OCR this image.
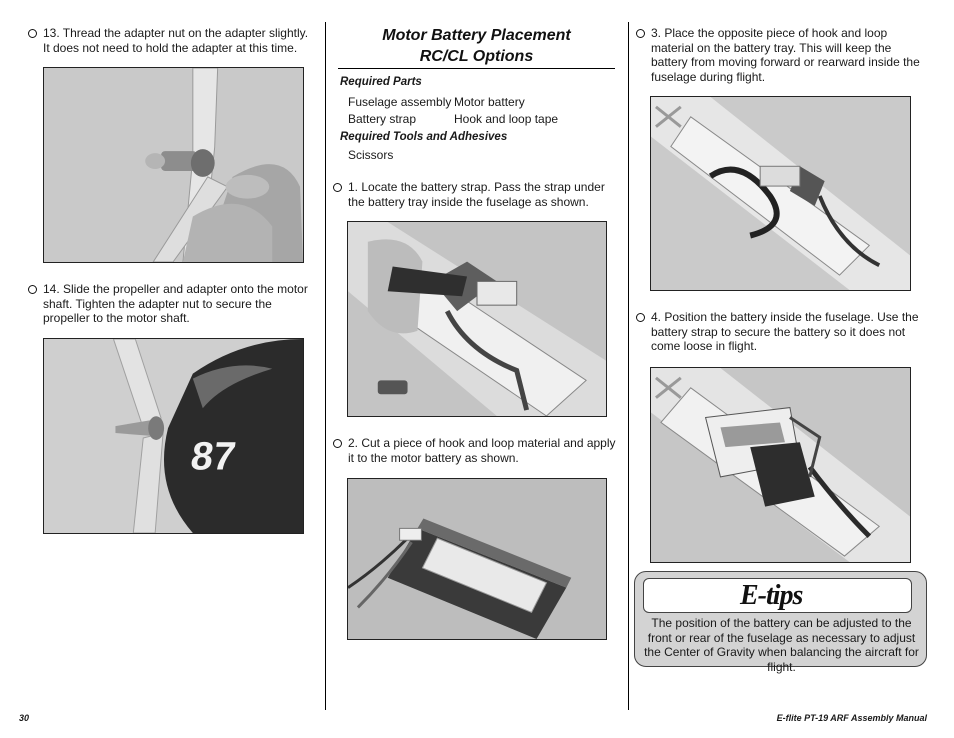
13. Thread the adapter nut on the adapter slightly. It does not need to hold the adapter at this time.
14. Slide the propeller and adapter onto the motor shaft. Tighten the adapter nut to secure the propeller to the motor shaft.
87
Motor Battery Placement
RC/CL Options
Required Parts
Fuselage assembly Motor battery
Battery strap	Hook and loop tape
Required Tools and Adhesives
Scissors
1. Locate the battery strap. Pass the strap under the battery tray inside the fuselage as shown.
2. Cut a piece of hook and loop material and apply it to the motor battery as shown.
3. Place the opposite piece of hook and loop material on the battery tray. This will keep the battery from moving forward or rearward inside the fuselage during flight.
4. Position the battery inside the fuselage. Use the battery strap to secure the battery so it does not come loose in flight.
E-tips
The position of the battery can be adjusted to the front or rear of the fuselage as necessary to adjust the Center of Gravity when balancing the aircraft for flight.
30	E-flite PT-19 ARF Assembly Manual
